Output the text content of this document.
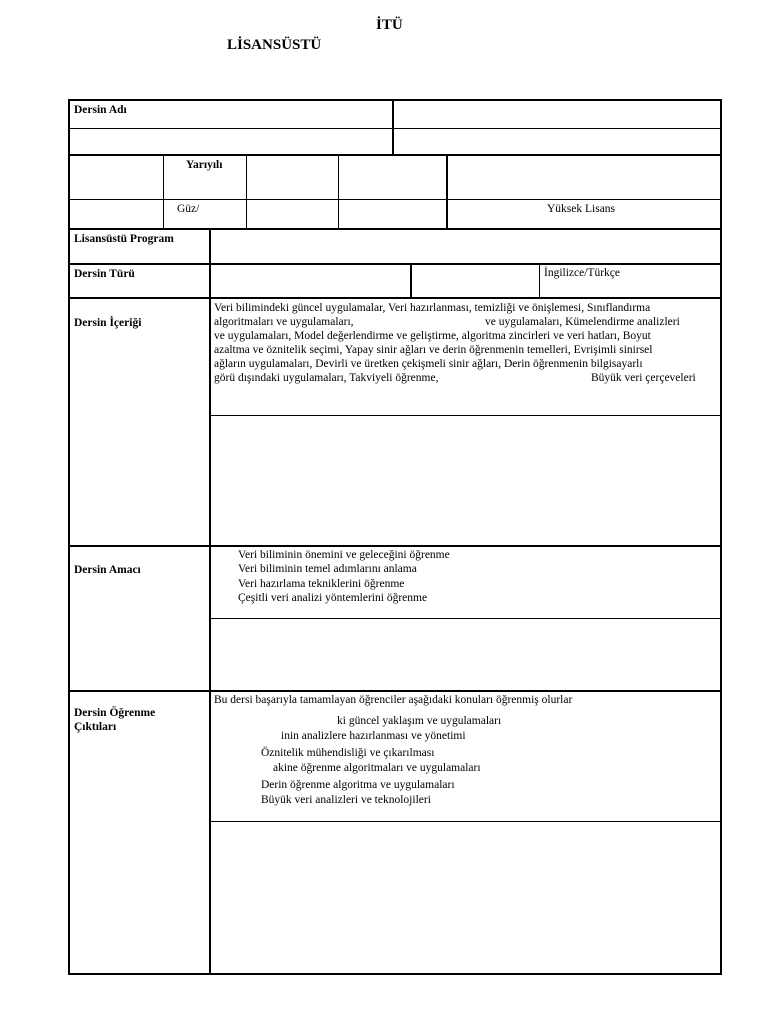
İTÜ
LİSANSÜSTÜ
Dersin Adı
Yarıyılı
Güz/	Yüksek Lisans
Lisansüstü Program
Dersin Türü	İngilizce/Türkçe
Dersin İçeriği
Veri bilimindeki güncel uygulamalar, Veri hazırlanması, temizliği ve önişlemesi, Sınıflandırma
algoritmaları ve uygulamaları,	ve uygulamaları, Kümelendirme analizleri
ve uygulamaları, Model değerlendirme ve geliştirme, algoritma zincirleri ve veri hatları, Boyut
azaltma ve öznitelik seçimi, Yapay sinir ağları ve derin öğrenmenin temelleri, Evrişimli sinirsel
ağların uygulamaları, Devirli ve üretken çekişmeli sinir ağları, Derin öğrenmenin bilgisayarlı
görü dışındaki uygulamaları, Takviyeli öğrenme,	Büyük veri çerçeveleri
Dersin Amacı
Veri biliminin önemini ve geleceğini öğrenme
Veri biliminin temel adımlarını anlama
Veri hazırlama tekniklerini öğrenme
Çeşitli veri analizi yöntemlerini öğrenme
Dersin Öğrenme
Çıktıları
Bu dersi başarıyla tamamlayan öğrenciler aşağıdaki konuları öğrenmiş olurlar
ki güncel yaklaşım ve uygulamaları
inin analizlere hazırlanması ve yönetimi
Öznitelik mühendisliği ve çıkarılması
akine öğrenme algoritmaları ve uygulamaları
Derin öğrenme algoritma ve uygulamaları
Büyük veri analizleri ve teknolojileri
